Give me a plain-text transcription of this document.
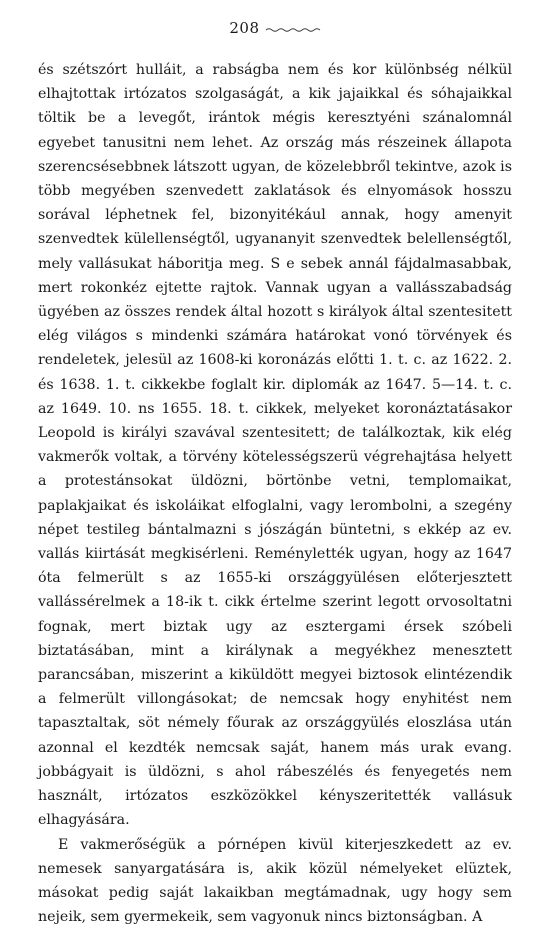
208

és szétszórt hulláit, a rabságba nem és kor különbség nélkül elhajtottak irtózatos szolgaságát, a kik jajaikkal és sóhajaikkal töltik be a levegőt, irántok mégis keresztyéni szánalomnál egyebet tanusitni nem lehet. Az ország más részeinek állapota szerencsésebbnek látszott ugyan, de közelebbről tekintve, azok is több megyében szenvedett zaklatások és elnyomások hosszu sorával léphetnek fel, bizonyitékául annak, hogy amenyit szenvedtek külellenségtől, ugyananyit szenvedtek belellenségtől, mely vallásukat háboritja meg. S e sebek annál fájdalmasabbak, mert rokonkéz ejtette rajtok. Vannak ugyan a vallásszabadság ügyében az összes rendek által hozott s királyok által szentesitett elég világos s mindenki számára határokat vonó törvények és rendeletek, jelesül az 1608-ki koronázás előtti 1. t. c. az 1622. 2. és 1638. 1. t. cikkekbe foglalt kir. diplomák az 1647. 5—14. t. c. az 1649. 10. ns 1655. 18. t. cikkek, melyeket koronáztatásakor Leopold is királyi szavával szentesitett; de találkoztak, kik elég vakmerők voltak, a törvény kötelességszerü végrehajtása helyett a protestánsokat üldözni, börtönbe vetni, templomaikat, paplakjaikat és iskoláikat elfoglalni, vagy lerombolni, a szegény népet testileg bántalmazni s jószágán büntetni, s ekkép az ev. vallás kiirtását megkisérleni. Reménylették ugyan, hogy az 1647 óta felmerült s az 1655-ki országgyülésen előterjesztett vallássérelmek a 18-ik t. cikk értelme szerint legott orvosoltatni fognak, mert biztak ugy az esztergami érsek szóbeli biztatásában, mint a királynak a megyékhez menesztett parancsában, miszerint a kiküldött megyei biztosok elintézendik a felmerült villongásokat; de nemcsak hogy enyhitést nem tapasztaltak, söt némely főurak az országgyülés eloszlása után azonnal el kezdték nemcsak saját, hanem más urak evang. jobbágyait is üldözni, s ahol rábeszélés és fenyegetés nem használt, irtózatos eszközökkel kényszeritették vallásuk elhagyására.

E vakmerőségük a pórnépen kivül kiterjeszkedett az ev. nemesek sanyargatására is, akik közül némelyeket elüztek, másokat pedig saját lakaikban megtámadnak, ugy hogy sem nejeik, sem gyermekeik, sem vagyonuk nincs biztonságban. A
